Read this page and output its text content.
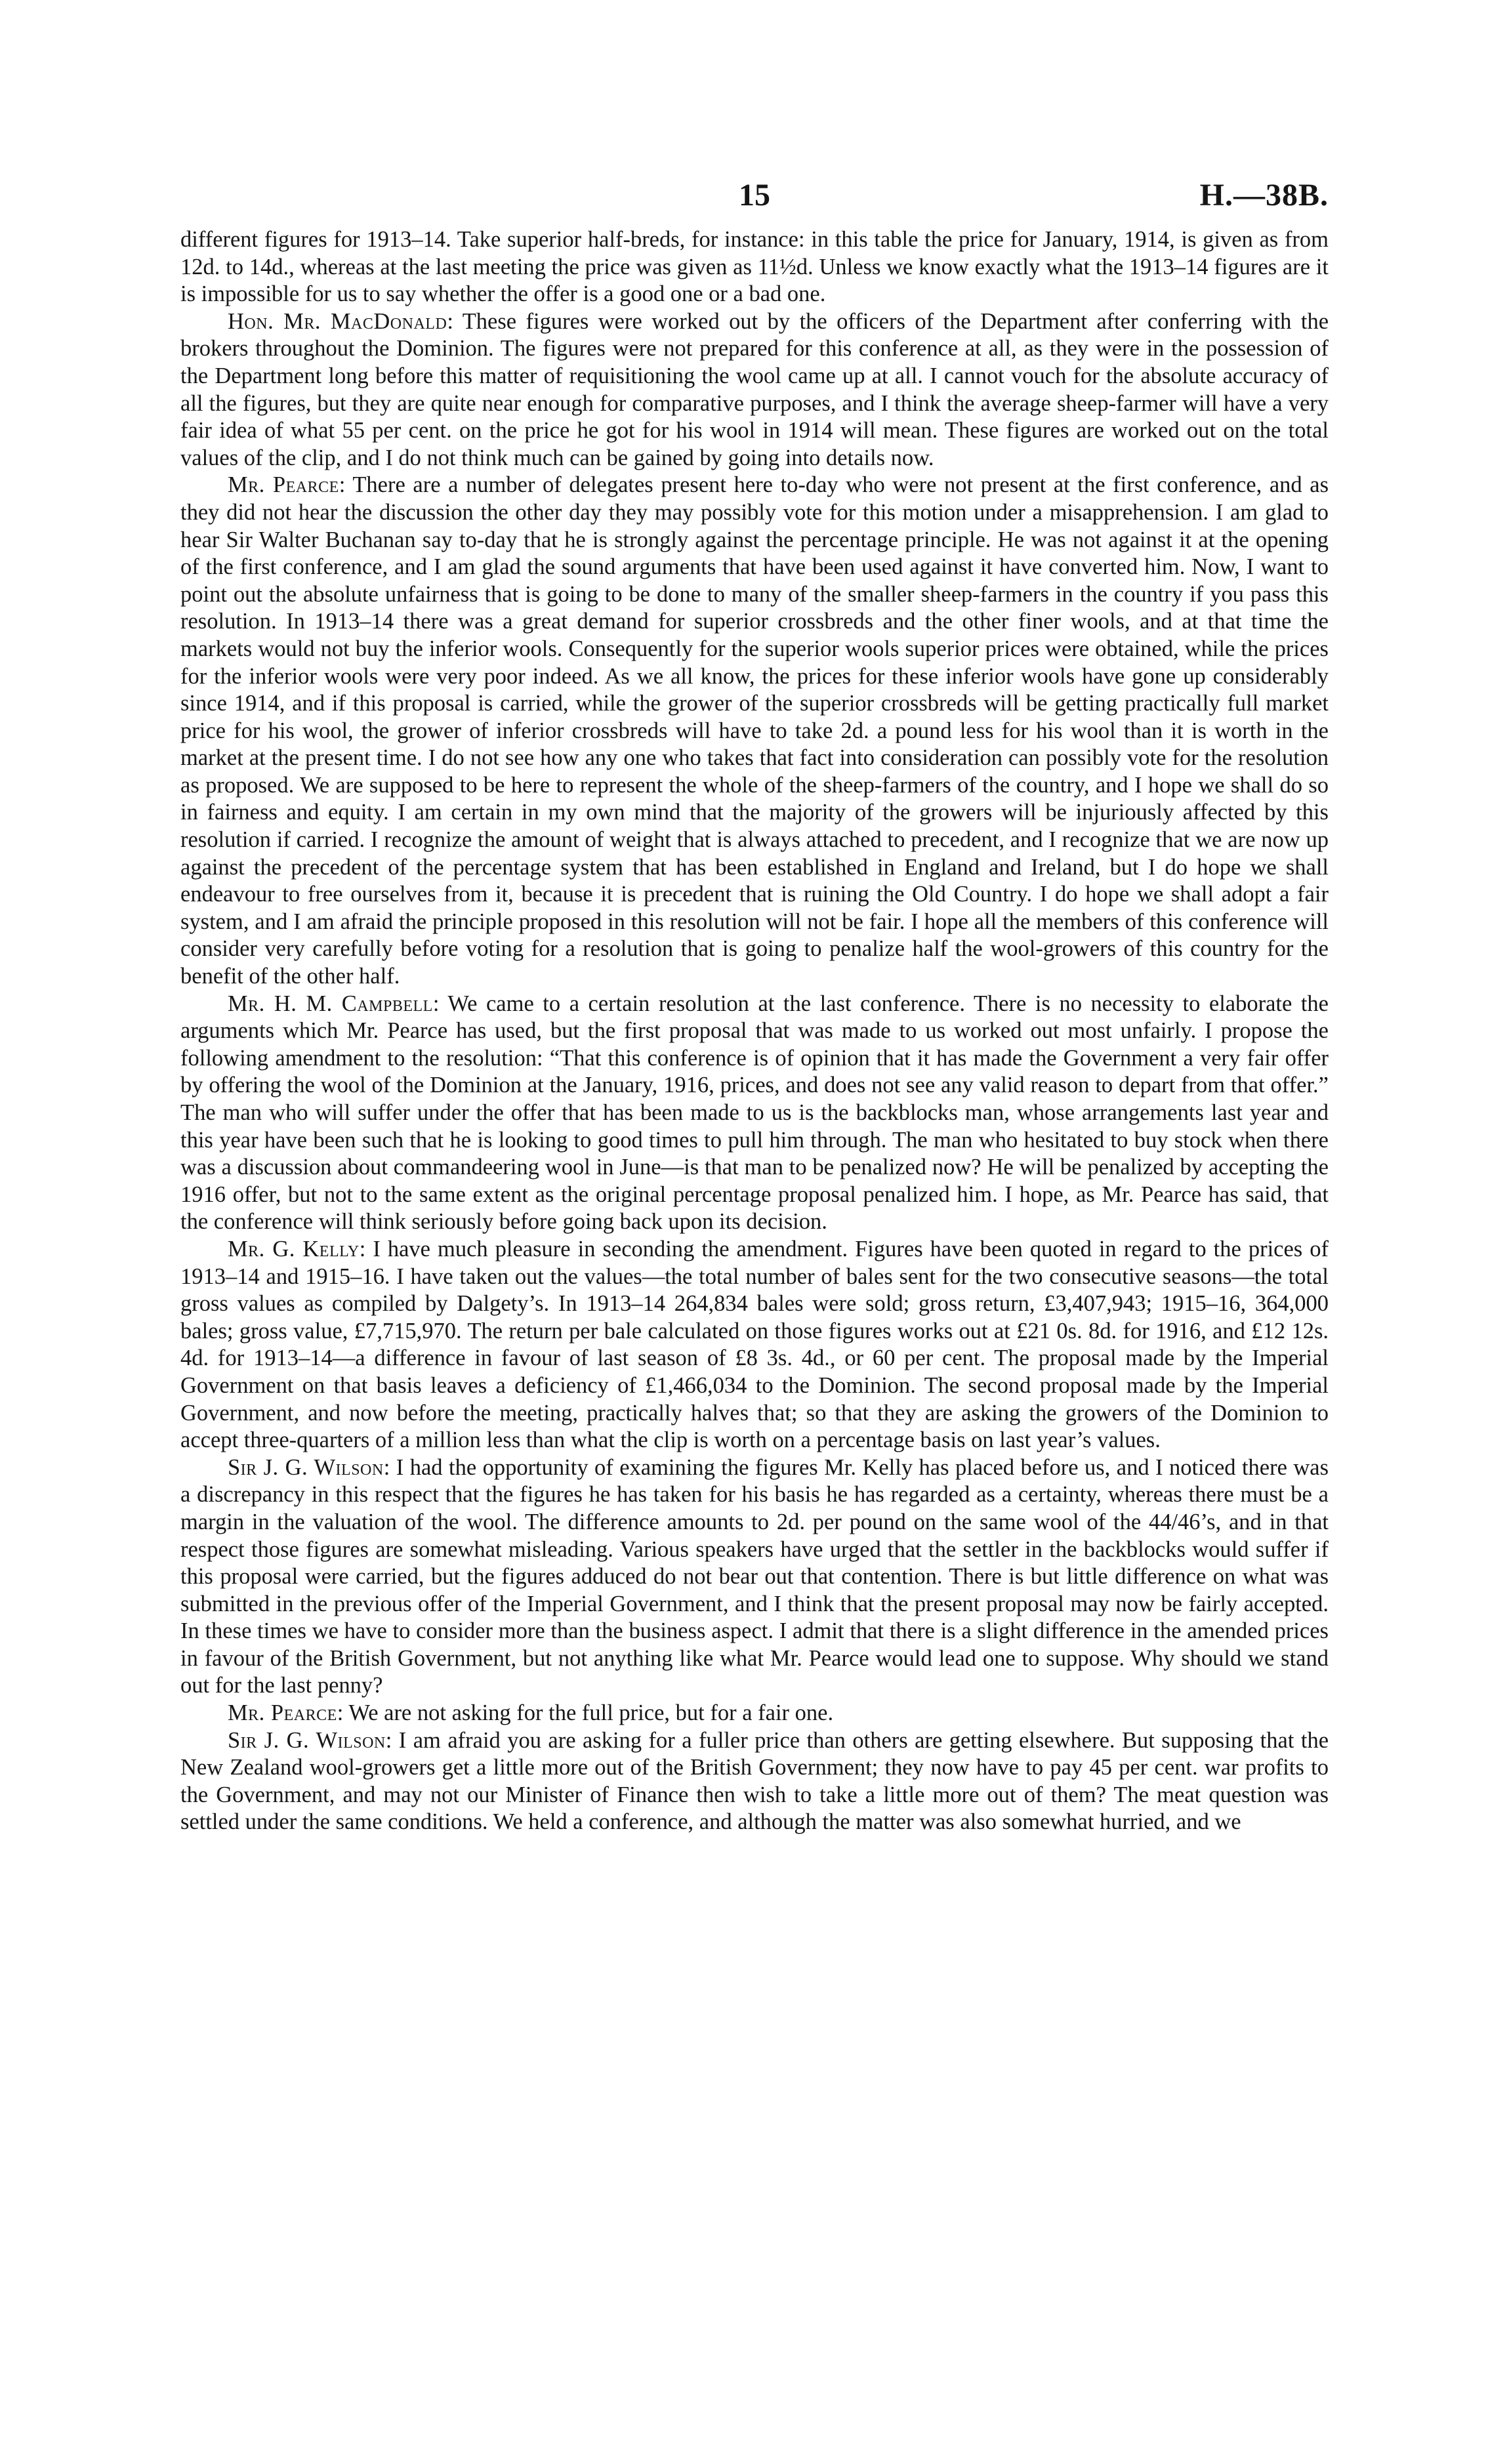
15	H.—38B.

different figures for 1913–14. Take superior half-breds, for instance: in this table the price for January, 1914, is given as from 12d. to 14d., whereas at the last meeting the price was given as 11½d. Unless we know exactly what the 1913–14 figures are it is impossible for us to say whether the offer is a good one or a bad one.

Hon. Mr. MacDonald: These figures were worked out by the officers of the Department after conferring with the brokers throughout the Dominion. The figures were not prepared for this conference at all, as they were in the possession of the Department long before this matter of requisitioning the wool came up at all. I cannot vouch for the absolute accuracy of all the figures, but they are quite near enough for comparative purposes, and I think the average sheep-farmer will have a very fair idea of what 55 per cent. on the price he got for his wool in 1914 will mean. These figures are worked out on the total values of the clip, and I do not think much can be gained by going into details now.

Mr. Pearce: There are a number of delegates present here to-day who were not present at the first conference, and as they did not hear the discussion the other day they may possibly vote for this motion under a misapprehension. I am glad to hear Sir Walter Buchanan say to-day that he is strongly against the percentage principle. He was not against it at the opening of the first conference, and I am glad the sound arguments that have been used against it have converted him. Now, I want to point out the absolute unfairness that is going to be done to many of the smaller sheep-farmers in the country if you pass this resolution. In 1913–14 there was a great demand for superior crossbreds and the other finer wools, and at that time the markets would not buy the inferior wools. Consequently for the superior wools superior prices were obtained, while the prices for the inferior wools were very poor indeed. As we all know, the prices for these inferior wools have gone up considerably since 1914, and if this proposal is carried, while the grower of the superior crossbreds will be getting practically full market price for his wool, the grower of inferior crossbreds will have to take 2d. a pound less for his wool than it is worth in the market at the present time. I do not see how any one who takes that fact into consideration can possibly vote for the resolution as proposed. We are supposed to be here to represent the whole of the sheep-farmers of the country, and I hope we shall do so in fairness and equity. I am certain in my own mind that the majority of the growers will be injuriously affected by this resolution if carried. I recognize the amount of weight that is always attached to precedent, and I recognize that we are now up against the precedent of the percentage system that has been established in England and Ireland, but I do hope we shall endeavour to free ourselves from it, because it is precedent that is ruining the Old Country. I do hope we shall adopt a fair system, and I am afraid the principle proposed in this resolution will not be fair. I hope all the members of this conference will consider very carefully before voting for a resolution that is going to penalize half the wool-growers of this country for the benefit of the other half.

Mr. H. M. Campbell: We came to a certain resolution at the last conference. There is no necessity to elaborate the arguments which Mr. Pearce has used, but the first proposal that was made to us worked out most unfairly. I propose the following amendment to the resolution: “That this conference is of opinion that it has made the Government a very fair offer by offering the wool of the Dominion at the January, 1916, prices, and does not see any valid reason to depart from that offer.” The man who will suffer under the offer that has been made to us is the backblocks man, whose arrangements last year and this year have been such that he is looking to good times to pull him through. The man who hesitated to buy stock when there was a discussion about commandeering wool in June—is that man to be penalized now? He will be penalized by accepting the 1916 offer, but not to the same extent as the original percentage proposal penalized him. I hope, as Mr. Pearce has said, that the conference will think seriously before going back upon its decision.

Mr. G. Kelly: I have much pleasure in seconding the amendment. Figures have been quoted in regard to the prices of 1913–14 and 1915–16. I have taken out the values—the total number of bales sent for the two consecutive seasons—the total gross values as compiled by Dalgety’s. In 1913–14 264,834 bales were sold; gross return, £3,407,943; 1915–16, 364,000 bales; gross value, £7,715,970. The return per bale calculated on those figures works out at £21 0s. 8d. for 1916, and £12 12s. 4d. for 1913–14—a difference in favour of last season of £8 3s. 4d., or 60 per cent. The proposal made by the Imperial Government on that basis leaves a deficiency of £1,466,034 to the Dominion. The second proposal made by the Imperial Government, and now before the meeting, practically halves that; so that they are asking the growers of the Dominion to accept three-quarters of a million less than what the clip is worth on a percentage basis on last year’s values.

Sir J. G. Wilson: I had the opportunity of examining the figures Mr. Kelly has placed before us, and I noticed there was a discrepancy in this respect that the figures he has taken for his basis he has regarded as a certainty, whereas there must be a margin in the valuation of the wool. The difference amounts to 2d. per pound on the same wool of the 44/46’s, and in that respect those figures are somewhat misleading. Various speakers have urged that the settler in the backblocks would suffer if this proposal were carried, but the figures adduced do not bear out that contention. There is but little difference on what was submitted in the previous offer of the Imperial Government, and I think that the present proposal may now be fairly accepted. In these times we have to consider more than the business aspect. I admit that there is a slight difference in the amended prices in favour of the British Government, but not anything like what Mr. Pearce would lead one to suppose. Why should we stand out for the last penny?

Mr. Pearce: We are not asking for the full price, but for a fair one.

Sir J. G. Wilson: I am afraid you are asking for a fuller price than others are getting elsewhere. But supposing that the New Zealand wool-growers get a little more out of the British Government; they now have to pay 45 per cent. war profits to the Government, and may not our Minister of Finance then wish to take a little more out of them? The meat question was settled under the same conditions. We held a conference, and although the matter was also somewhat hurried, and we
